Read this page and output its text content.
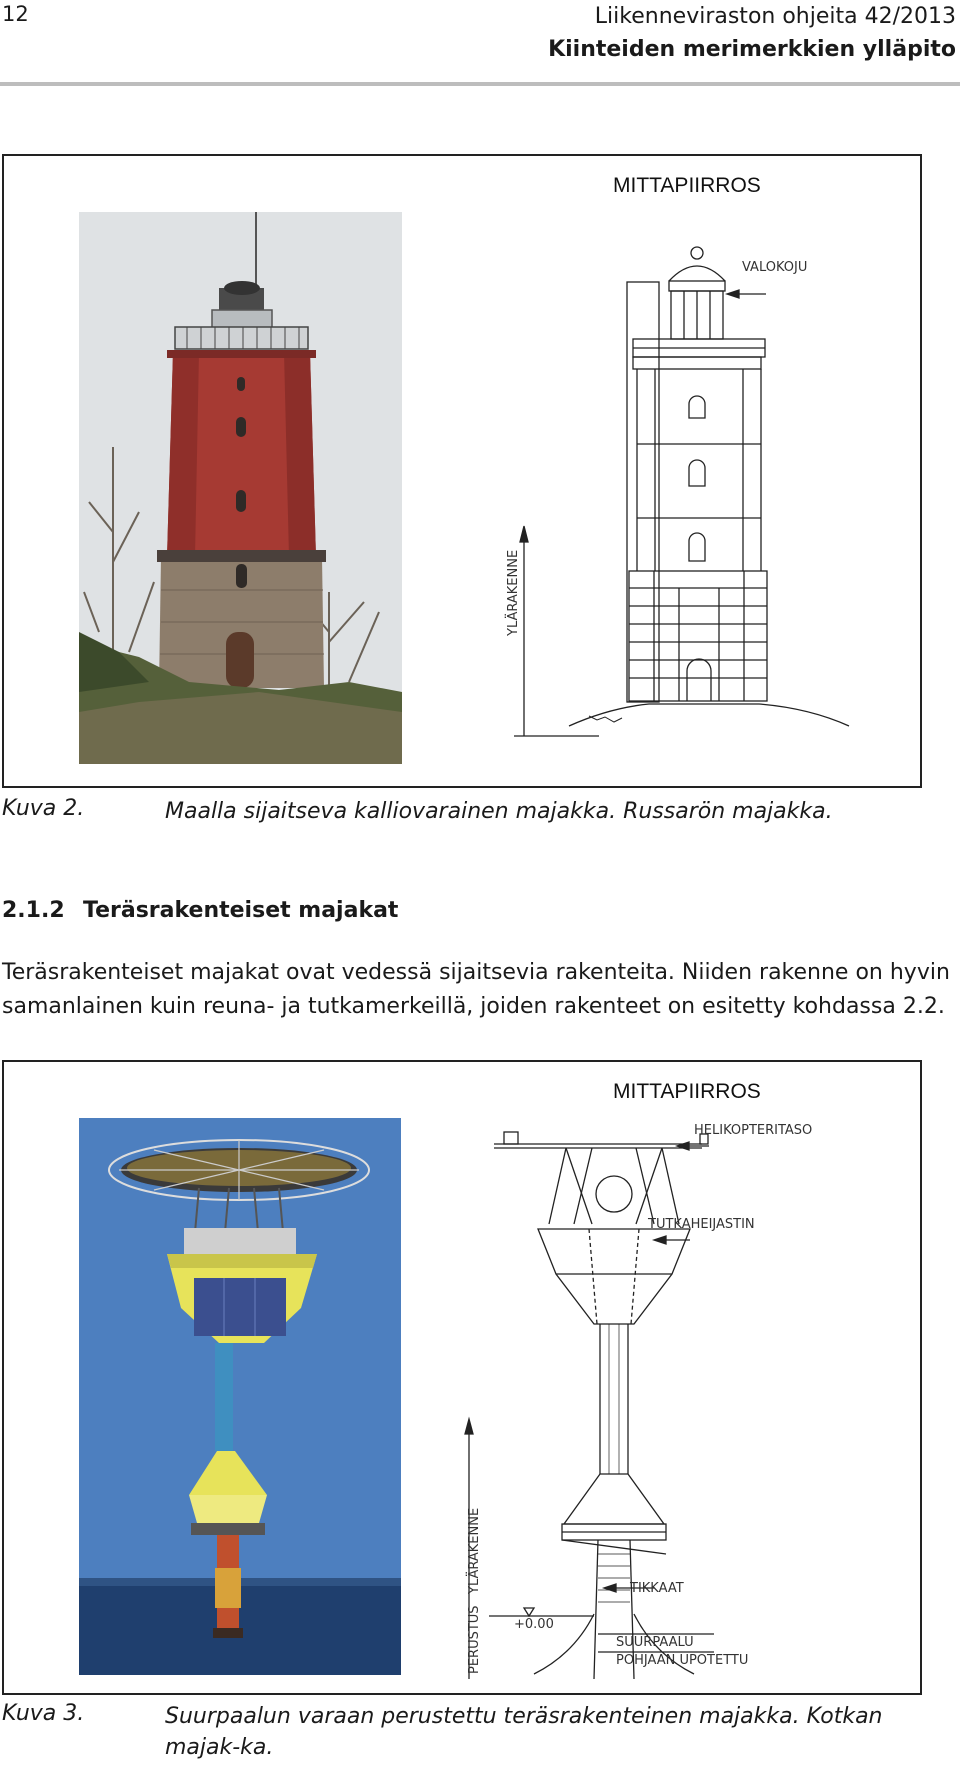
12	Liikenneviraston ohjeita 42/2013
Kiinteiden merimerkkien ylläpito
MITTAPIIRROS
VALOKOJU
YLÄRAKENNE
Kuva 2.	Maalla sijaitseva kalliovarainen majakka. Russarön majakka.
2.1.2 Teräsrakenteiset majakat
Teräsrakenteiset majakat ovat vedessä sijaitsevia rakenteita. Niiden rakenne on hyvin samanlainen kuin reuna- ja tutkamerkeillä, joiden rakenteet on esitetty kohdassa 2.2.
MITTAPIIRROS
HELIKOPTERITASO
TUTKAHEIJASTIN
TIKKAAT
+0.00
SUURPAALU
POHJAAN UPOTETTU
PERUSTUS
YLÄRAKENNE
Kuva 3.	Suurpaalun varaan perustettu teräsrakenteinen majakka. Kotkan majak-ka.
